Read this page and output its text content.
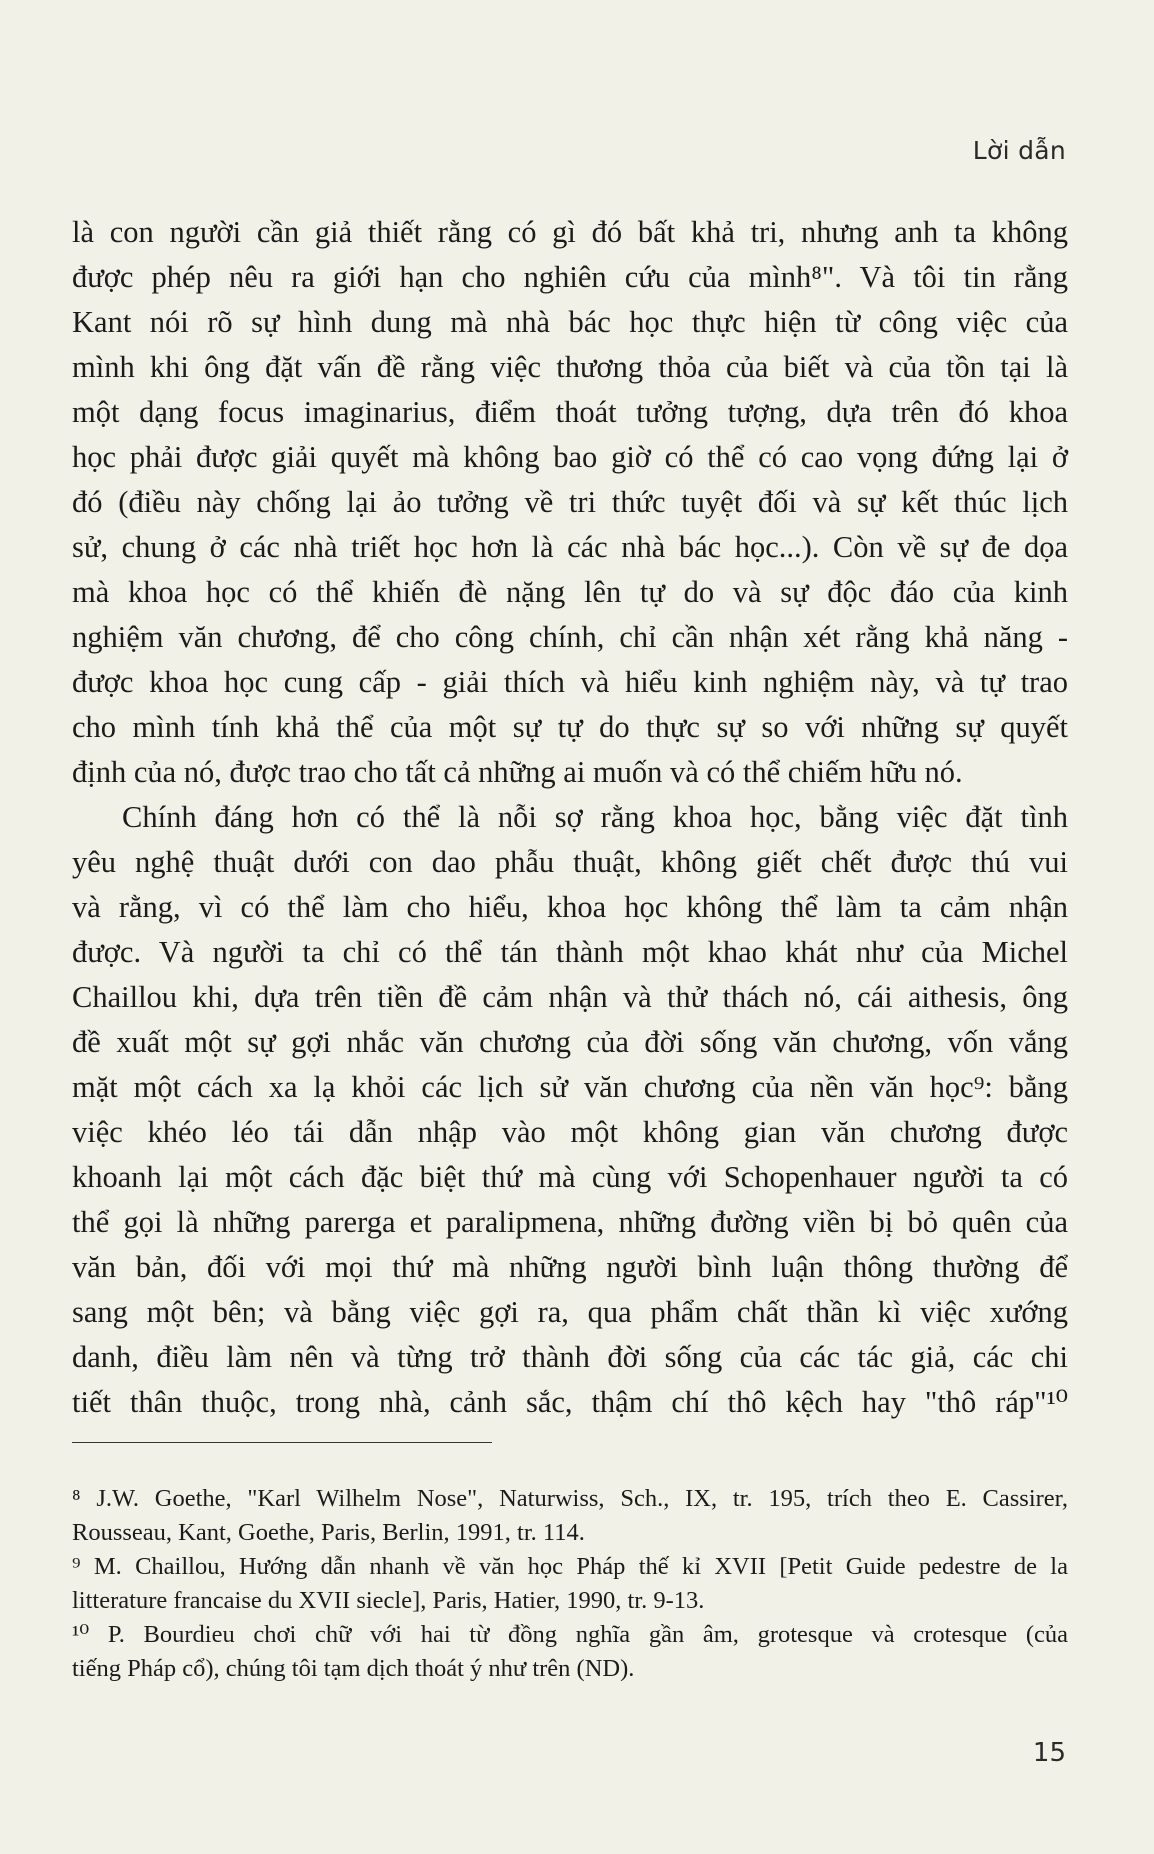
Lời dẫn
là con người cần giả thiết rằng có gì đó bất khả tri, nhưng anh ta không
được phép nêu ra giới hạn cho nghiên cứu của mình⁸". Và tôi tin rằng
Kant nói rõ sự hình dung mà nhà bác học thực hiện từ công việc của
mình khi ông đặt vấn đề rằng việc thương thỏa của biết và của tồn tại là
một dạng focus imaginarius, điểm thoát tưởng tượng, dựa trên đó khoa
học phải được giải quyết mà không bao giờ có thể có cao vọng đứng lại ở
đó (điều này chống lại ảo tưởng về tri thức tuyệt đối và sự kết thúc lịch
sử, chung ở các nhà triết học hơn là các nhà bác học...). Còn về sự đe dọa
mà khoa học có thể khiến đè nặng lên tự do và sự độc đáo của kinh
nghiệm văn chương, để cho công chính, chỉ cần nhận xét rằng khả năng -
được khoa học cung cấp - giải thích và hiểu kinh nghiệm này, và tự trao
cho mình tính khả thể của một sự tự do thực sự so với những sự quyết
định của nó, được trao cho tất cả những ai muốn và có thể chiếm hữu nó.
Chính đáng hơn có thể là nỗi sợ rằng khoa học, bằng việc đặt tình
yêu nghệ thuật dưới con dao phẫu thuật, không giết chết được thú vui
và rằng, vì có thể làm cho hiểu, khoa học không thể làm ta cảm nhận
được. Và người ta chỉ có thể tán thành một khao khát như của Michel
Chaillou khi, dựa trên tiền đề cảm nhận và thử thách nó, cái aithesis, ông
đề xuất một sự gợi nhắc văn chương của đời sống văn chương, vốn vắng
mặt một cách xa lạ khỏi các lịch sử văn chương của nền văn học⁹: bằng
việc khéo léo tái dẫn nhập vào một không gian văn chương được
khoanh lại một cách đặc biệt thứ mà cùng với Schopenhauer người ta có
thể gọi là những parerga et paralipmena, những đường viền bị bỏ quên của
văn bản, đối với mọi thứ mà những người bình luận thông thường để
sang một bên; và bằng việc gợi ra, qua phẩm chất thần kì việc xướng
danh, điều làm nên và từng trở thành đời sống của các tác giả, các chi
tiết thân thuộc, trong nhà, cảnh sắc, thậm chí thô kệch hay "thô ráp"¹⁰
⁸ J.W. Goethe, "Karl Wilhelm Nose", Naturwiss, Sch., IX, tr. 195, trích theo E. Cassirer,
Rousseau, Kant, Goethe, Paris, Berlin, 1991, tr. 114.
⁹ M. Chaillou, Hướng dẫn nhanh về văn học Pháp thế kỉ XVII [Petit Guide pedestre de la
litterature francaise du XVII siecle], Paris, Hatier, 1990, tr. 9-13.
¹⁰ P. Bourdieu chơi chữ với hai từ đồng nghĩa gần âm, grotesque và crotesque (của
tiếng Pháp cổ), chúng tôi tạm dịch thoát ý như trên (ND).
15
